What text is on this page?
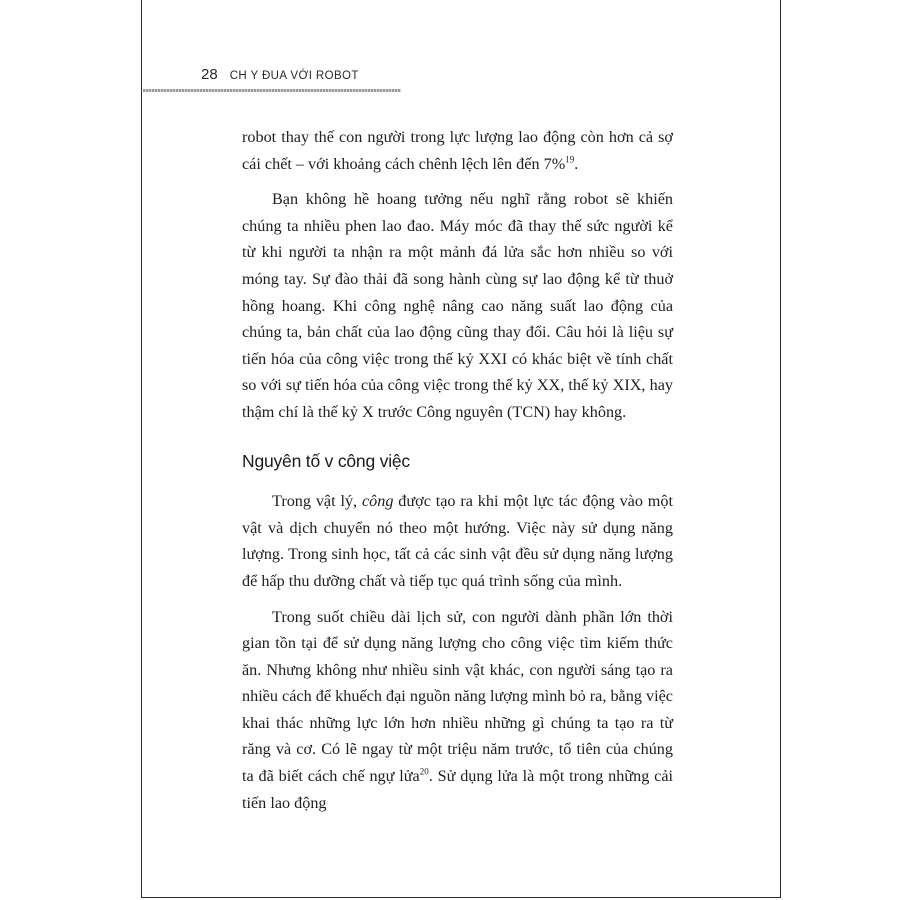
28 CH Y ĐUA VỚI ROBOT

robot thay thế con người trong lực lượng lao động còn hơn cả sợ cái chết – với khoảng cách chênh lệch lên đến 7%$^{19}$.

Bạn không hề hoang tưởng nếu nghĩ rằng robot sẽ khiến chúng ta nhiều phen lao đao. Máy móc đã thay thế sức người kể từ khi người ta nhận ra một mảnh đá lửa sắc hơn nhiều so với móng tay. Sự đào thải đã song hành cùng sự lao động kể từ thuở hồng hoang. Khi công nghệ nâng cao năng suất lao động của chúng ta, bản chất của lao động cũng thay đổi. Câu hỏi là liệu sự tiến hóa của công việc trong thế kỷ XXI có khác biệt về tính chất so với sự tiến hóa của công việc trong thế kỷ XX, thế kỷ XIX, hay thậm chí là thế kỷ X trước Công nguyên (TCN) hay không.

Nguyên tố v công việc

Trong vật lý, công được tạo ra khi một lực tác động vào một vật và dịch chuyển nó theo một hướng. Việc này sử dụng năng lượng. Trong sinh học, tất cả các sinh vật đều sử dụng năng lượng để hấp thu dưỡng chất và tiếp tục quá trình sống của mình.

Trong suốt chiều dài lịch sử, con người dành phần lớn thời gian tồn tại để sử dụng năng lượng cho công việc tìm kiếm thức ăn. Nhưng không như nhiều sinh vật khác, con người sáng tạo ra nhiều cách để khuếch đại nguồn năng lượng mình bỏ ra, bằng việc khai thác những lực lớn hơn nhiều những gì chúng ta tạo ra từ răng và cơ. Có lẽ ngay từ một triệu năm trước, tổ tiên của chúng ta đã biết cách chế ngự lửa$^{20}$. Sử dụng lửa là một trong những cải tiến lao động
